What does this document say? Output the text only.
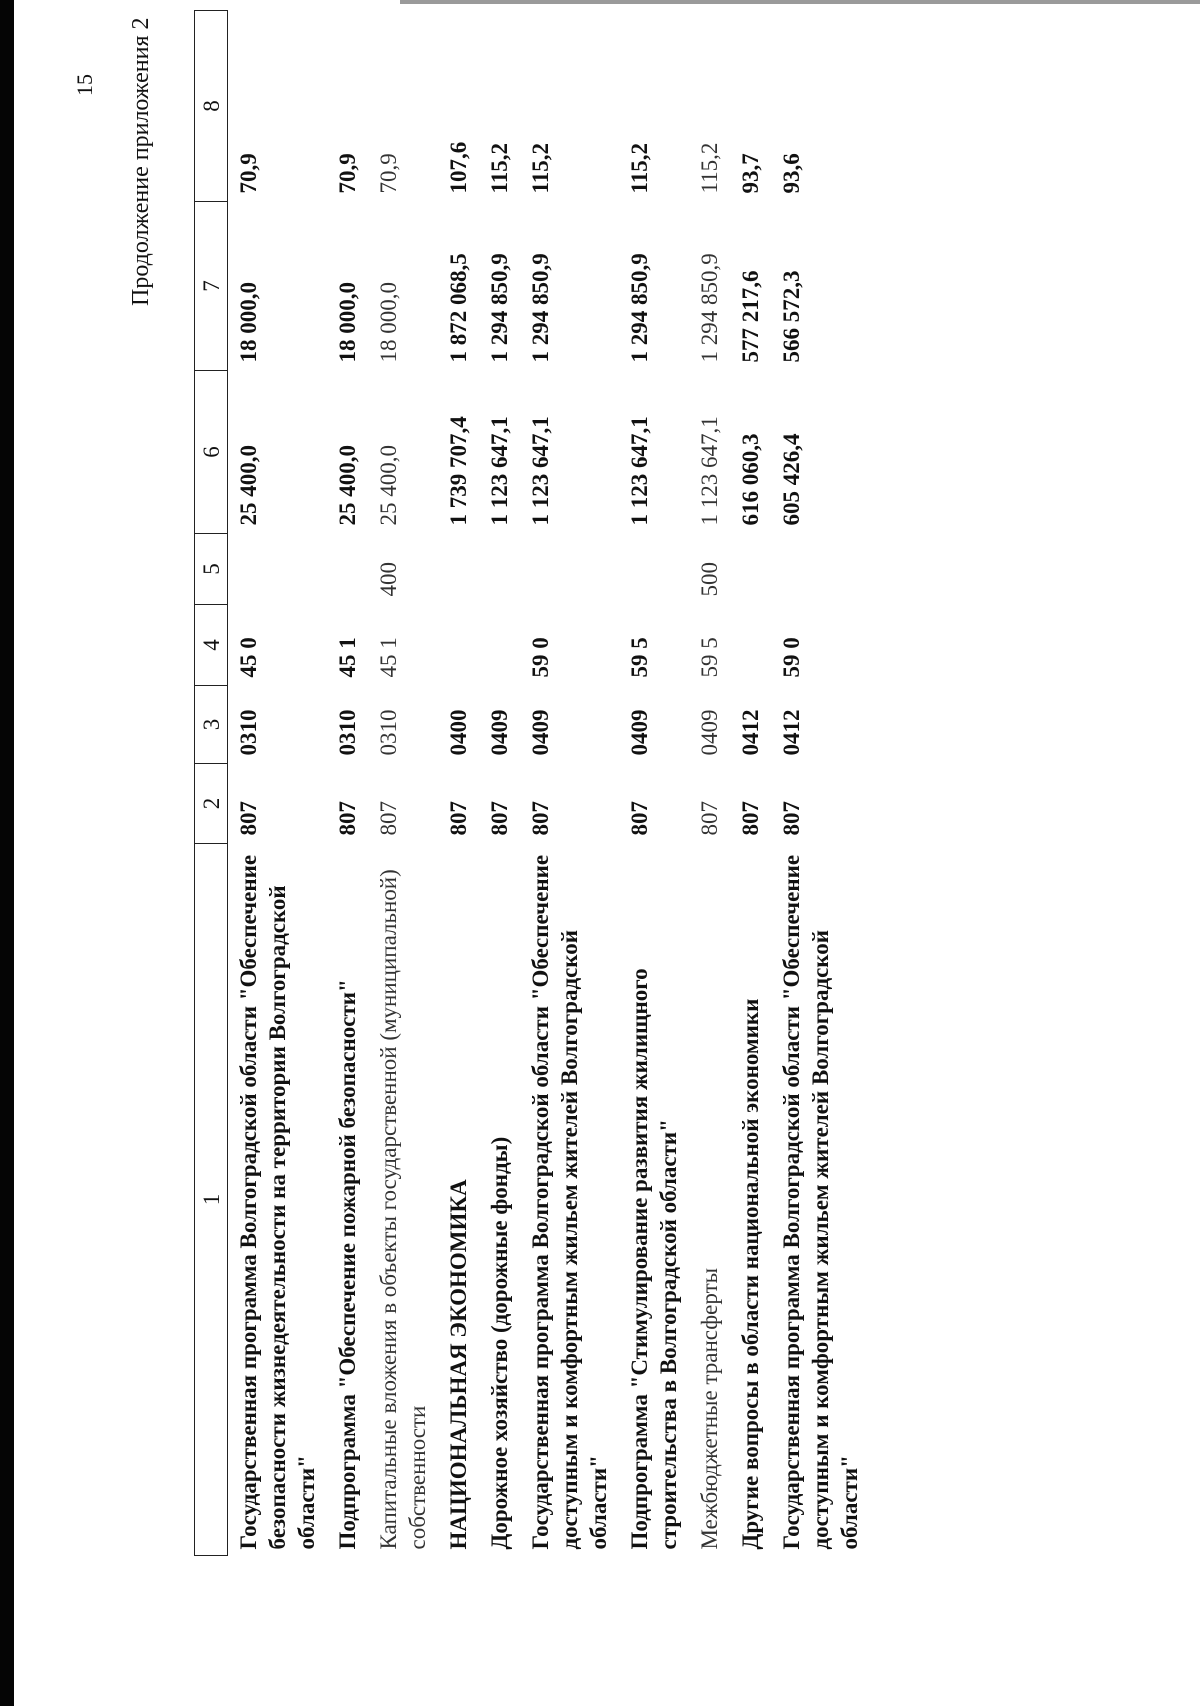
15 Продолжение приложения 2
1	2	3	4	5	6	7	8
Государственная программа Волгоградской области "Обеспечение безопасности жизнедеятельности на территории Волгоградской области"	807	0310	45 0		25 400,0	18 000,0	70,9
Подпрограмма "Обеспечение пожарной безопасности"	807	0310	45 1		25 400,0	18 000,0	70,9
Капитальные вложения в объекты государственной (муниципальной) собственности	807	0310	45 1	400	25 400,0	18 000,0	70,9
НАЦИОНАЛЬНАЯ ЭКОНОМИКА	807	0400			1 739 707,4	1 872 068,5	107,6
Дорожное хозяйство (дорожные фонды)	807	0409			1 123 647,1	1 294 850,9	115,2
Государственная программа Волгоградской области "Обеспечение доступным и комфортным жильем жителей Волгоградской области"	807	0409	59 0		1 123 647,1	1 294 850,9	115,2
Подпрограмма "Стимулирование развития жилищного строительства в Волгоградской области"	807	0409	59 5		1 123 647,1	1 294 850,9	115,2
Межбюджетные трансферты	807	0409	59 5	500	1 123 647,1	1 294 850,9	115,2
Другие вопросы в области национальной экономики	807	0412			616 060,3	577 217,6	93,7
Государственная программа Волгоградской области "Обеспечение доступным и комфортным жильем жителей Волгоградской области"	807	0412	59 0		605 426,4	566 572,3	93,6
